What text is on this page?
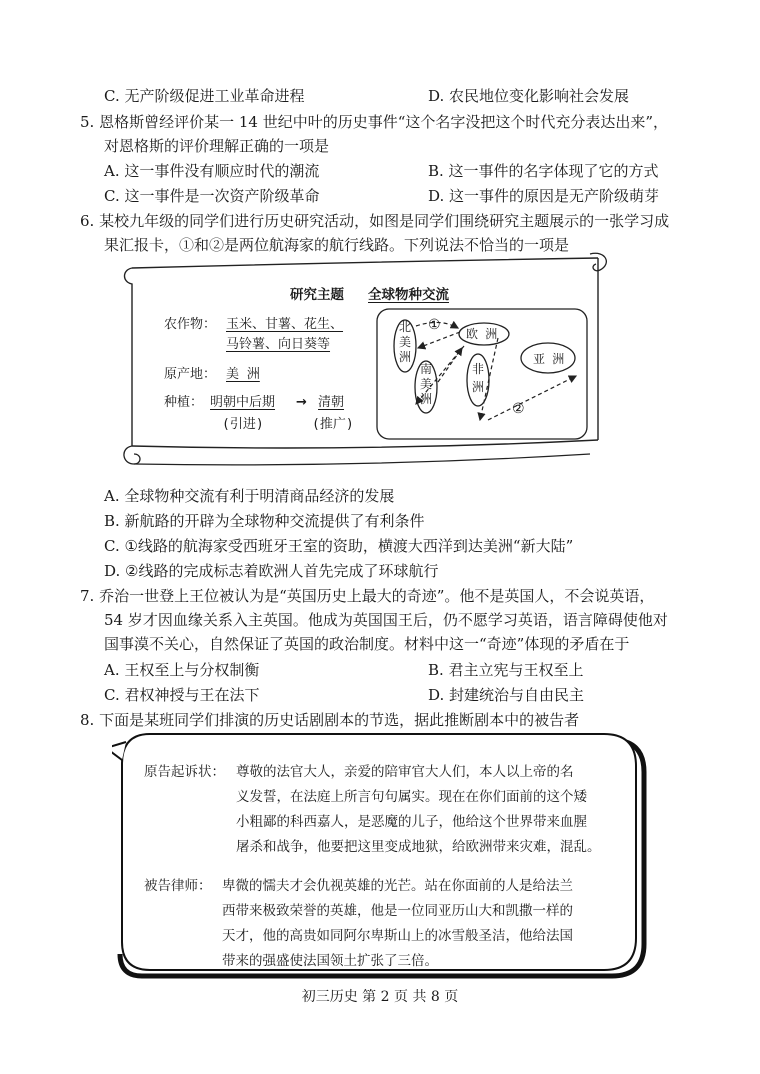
C. 无产阶级促进工业革命进程	D. 农民地位变化影响社会发展
5. 恩格斯曾经评价某一 14 世纪中叶的历史事件“这个名字没把这个时代充分表达出来”，
对恩格斯的评价理解正确的一项是
A. 这一事件没有顺应时代的潮流	B. 这一事件的名字体现了它的方式
C. 这一事件是一次资产阶级革命	D. 这一事件的原因是无产阶级萌芽
6. 某校九年级的同学们进行历史研究活动，如图是同学们围绕研究主题展示的一张学习成
果汇报卡，①和②是两位航海家的航行线路。下列说法不恰当的一项是
研究主题 全球物种交流
农作物： 玉米、甘薯、花生、
马铃薯、向日葵等
原产地： 美 洲
种植： 明朝中后期 → 清朝
(引进)	(推广)
北美洲
南美洲
欧 洲
非洲
亚 洲
①
②
A. 全球物种交流有利于明清商品经济的发展
B. 新航路的开辟为全球物种交流提供了有利条件
C. ①线路的航海家受西班牙王室的资助，横渡大西洋到达美洲“新大陆”
D. ②线路的完成标志着欧洲人首先完成了环球航行
7. 乔治一世登上王位被认为是“英国历史上最大的奇迹”。他不是英国人，不会说英语，
54 岁才因血缘关系入主英国。他成为英国国王后，仍不愿学习英语，语言障碍使他对
国事漠不关心，自然保证了英国的政治制度。材料中这一“奇迹”体现的矛盾在于
A. 王权至上与分权制衡	B. 君主立宪与王权至上
C. 君权神授与王在法下	D. 封建统治与自由民主
8. 下面是某班同学们排演的历史话剧剧本的节选，据此推断剧本中的被告者
原告起诉状： 尊敬的法官大人，亲爱的陪审官大人们，本人以上帝的名
义发誓，在法庭上所言句句属实。现在在你们面前的这个矮
小粗鄙的科西嘉人，是恶魔的儿子，他给这个世界带来血腥
屠杀和战争，他要把这里变成地狱，给欧洲带来灾难，混乱。
被告律师： 卑微的懦夫才会仇视英雄的光芒。站在你面前的人是给法兰
西带来极致荣誉的英雄，他是一位同亚历山大和凯撒一样的
天才，他的高贵如同阿尔卑斯山上的冰雪般圣洁，他给法国
带来的强盛使法国领土扩张了三倍。
初三历史 第 2 页 共 8 页
